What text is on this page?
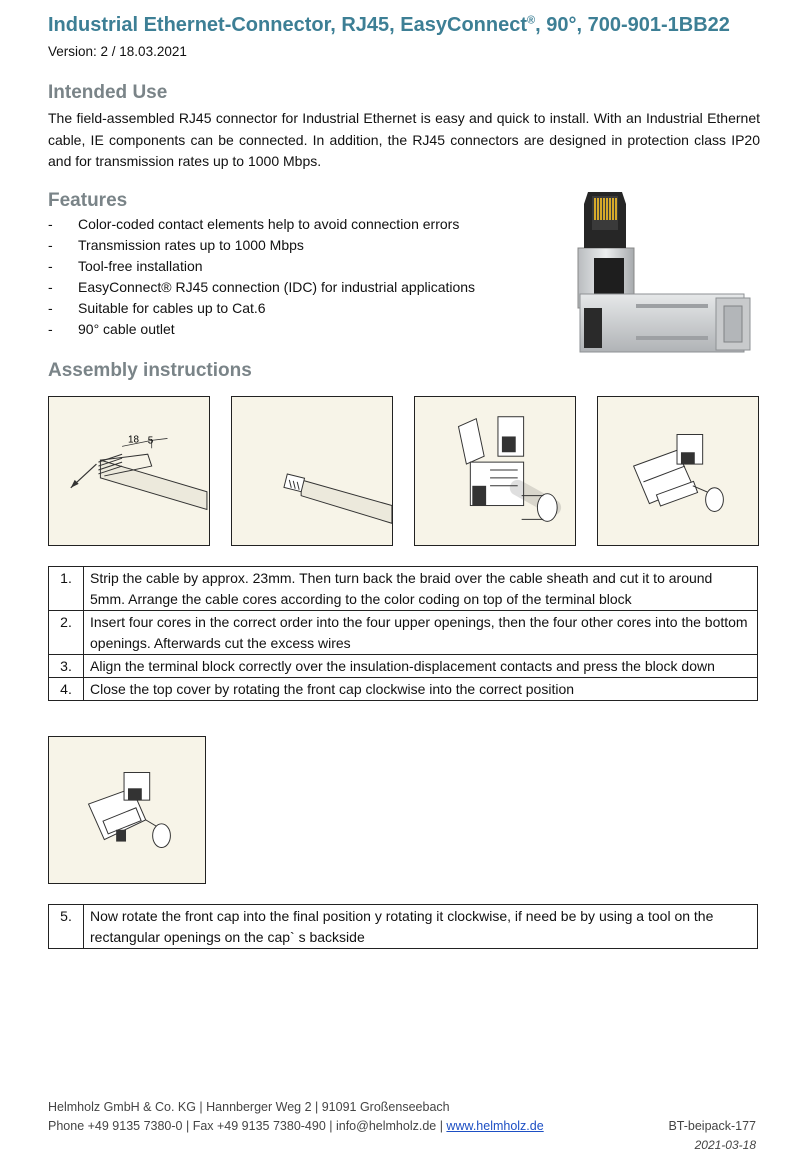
Industrial Ethernet-Connector, RJ45, EasyConnect®, 90°, 700-901-1BB22
Version: 2 / 18.03.2021
Intended Use

The field-assembled RJ45 connector for Industrial Ethernet is easy and quick to install. With an Industrial Ethernet cable, IE components can be connected. In addition, the RJ45 connectors are designed in protection class IP20 and for transmission rates up to 1000 Mbps.

Features
- Color-coded contact elements help to avoid connection errors
- Transmission rates up to 1000 Mbps
- Tool-free installation
- EasyConnect® RJ45 connection (IDC) for industrial applications
- Suitable for cables up to Cat.6
- 90° cable outlet
Assembly instructions
18 5
1.	Strip the cable by approx. 23mm. Then turn back the braid over the cable sheath and cut it to around 5mm. Arrange the cable cores according to the color coding on top of the terminal block
2.	Insert four cores in the correct order into the four upper openings, then the four other cores into the bottom openings. Afterwards cut the excess wires
3.	Align the terminal block correctly over the insulation-displacement contacts and press the block down
4.	Close the top cover by rotating the front cap clockwise into the correct position
5.	Now rotate the front cap into the final position y rotating it clockwise, if need be by using a tool on the rectangular openings on the cap` s backside
Helmholz GmbH & Co. KG | Hannberger Weg 2 | 91091 Großenseebach
Phone +49 9135 7380-0 | Fax +49 9135 7380-490 | info@helmholz.de | www.helmholz.de	BT-beipack-177
2021-03-18
